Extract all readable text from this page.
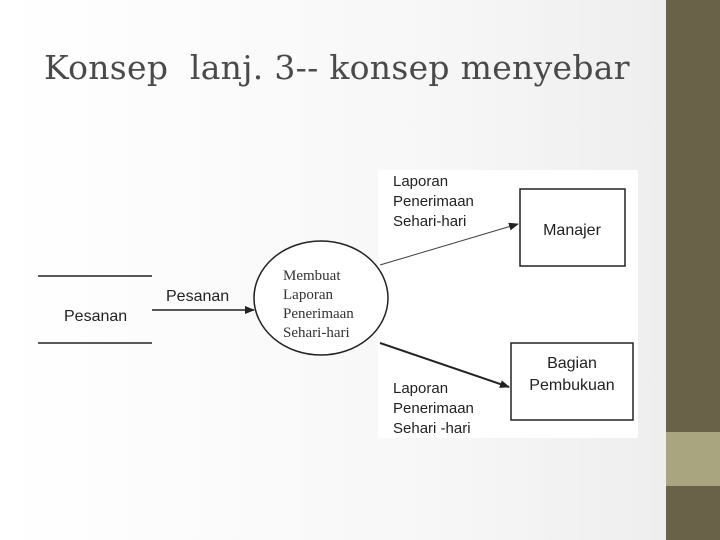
Konsep  lanj. 3-- konsep menyebar
Pesanan
Pesanan
Membuat
Laporan
Penerimaan
Sehari-hari
Laporan
Penerimaan
Sehari-hari
Manajer
Laporan
Penerimaan
Sehari -hari
Bagian
Pembukuan
